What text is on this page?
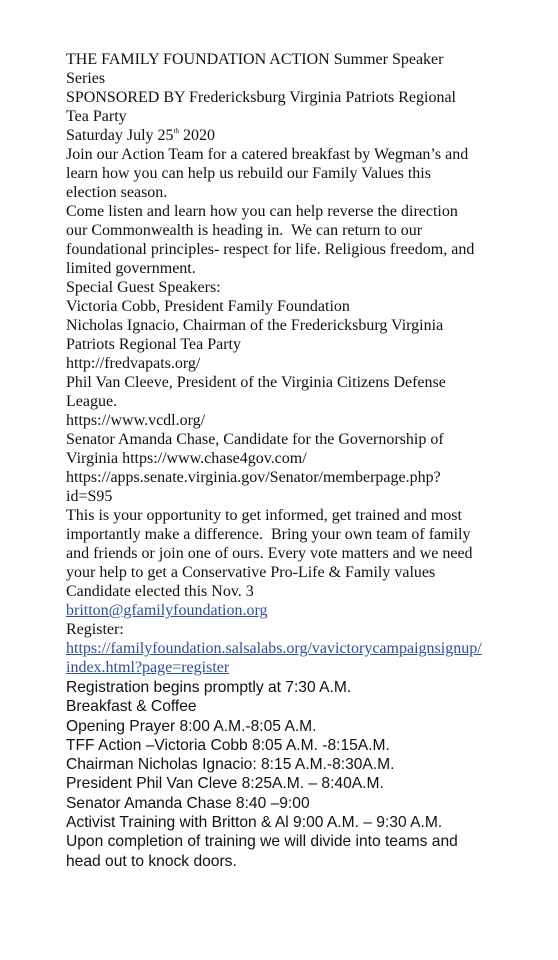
THE FAMILY FOUNDATION ACTION Summer Speaker
Series
SPONSORED BY Fredericksburg Virginia Patriots Regional
Tea Party
Saturday July 25th 2020
Join our Action Team for a catered breakfast by Wegman’s and
learn how you can help us rebuild our Family Values this
election season.
Come listen and learn how you can help reverse the direction
our Commonwealth is heading in.  We can return to our
foundational principles- respect for life. Religious freedom, and
limited government.
Special Guest Speakers:
Victoria Cobb, President Family Foundation
Nicholas Ignacio, Chairman of the Fredericksburg Virginia
Patriots Regional Tea Party
http://fredvapats.org/
Phil Van Cleeve, President of the Virginia Citizens Defense
League.
https://www.vcdl.org/
Senator Amanda Chase, Candidate for the Governorship of
Virginia https://www.chase4gov.com/
https://apps.senate.virginia.gov/Senator/memberpage.php?
id=S95
This is your opportunity to get informed, get trained and most
importantly make a difference.  Bring your own team of family
and friends or join one of ours. Every vote matters and we need
your help to get a Conservative Pro-Life & Family values
Candidate elected this Nov. 3
britton@gfamilyfoundation.org
Register:
https://familyfoundation.salsalabs.org/vavictorycampaignsignup/
index.html?page=register
Registration begins promptly at 7:30 A.M.
Breakfast & Coffee
Opening Prayer 8:00 A.M.-8:05 A.M.
TFF Action –Victoria Cobb 8:05 A.M. -8:15A.M.
Chairman Nicholas Ignacio: 8:15 A.M.-8:30A.M.
President Phil Van Cleve 8:25A.M. – 8:40A.M.
Senator Amanda Chase 8:40 –9:00
Activist Training with Britton & Al 9:00 A.M. – 9:30 A.M.
Upon completion of training we will divide into teams and
head out to knock doors.
